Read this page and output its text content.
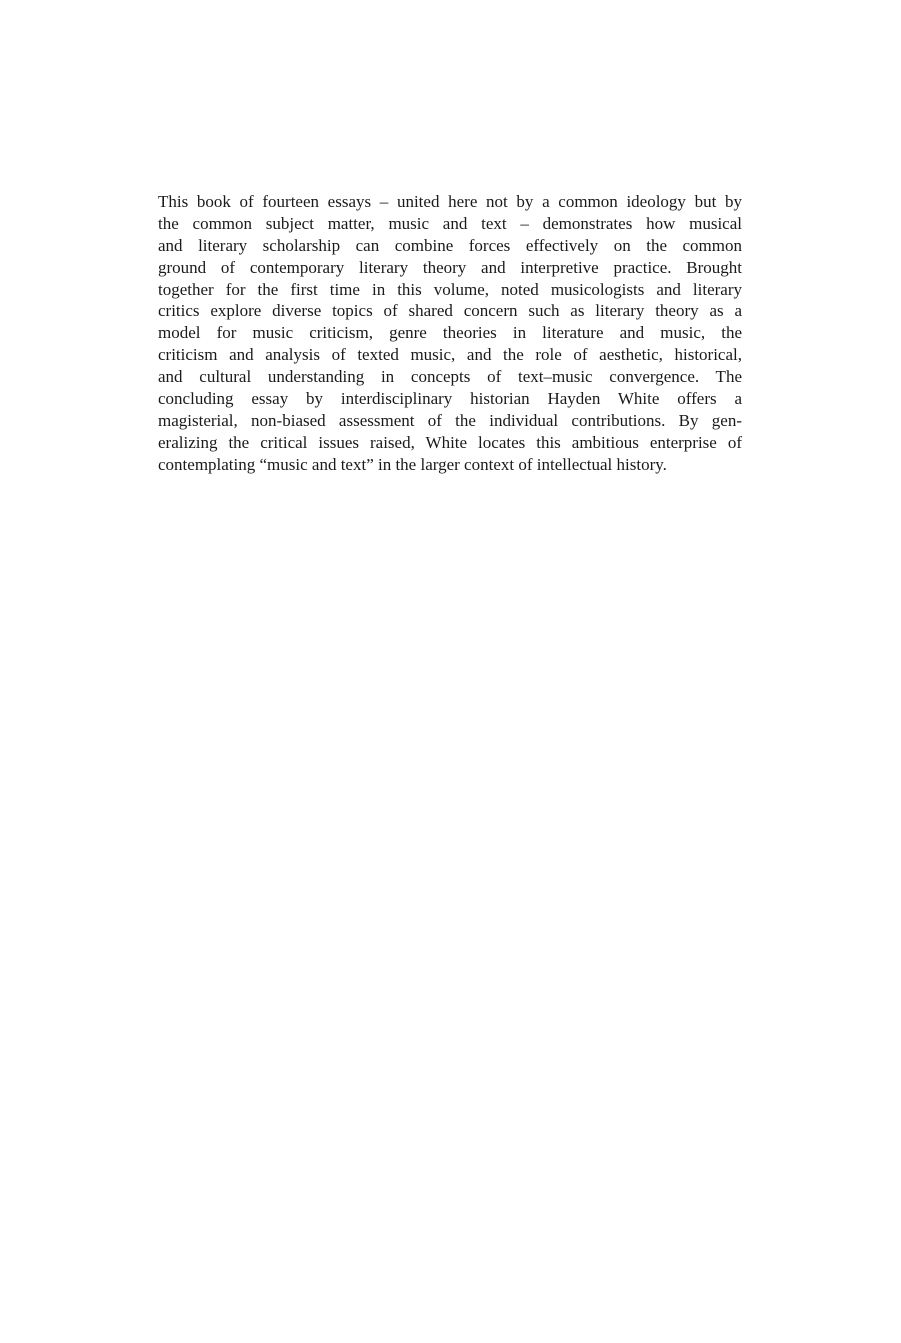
This book of fourteen essays – united here not by a common ideology but by
the common subject matter, music and text – demonstrates how musical
and literary scholarship can combine forces effectively on the common
ground of contemporary literary theory and interpretive practice. Brought
together for the first time in this volume, noted musicologists and literary
critics explore diverse topics of shared concern such as literary theory as a
model for music criticism, genre theories in literature and music, the
criticism and analysis of texted music, and the role of aesthetic, historical,
and cultural understanding in concepts of text–music convergence. The
concluding essay by interdisciplinary historian Hayden White offers a
magisterial, non-biased assessment of the individual contributions. By gen-
eralizing the critical issues raised, White locates this ambitious enterprise of
contemplating “music and text” in the larger context of intellectual history.
